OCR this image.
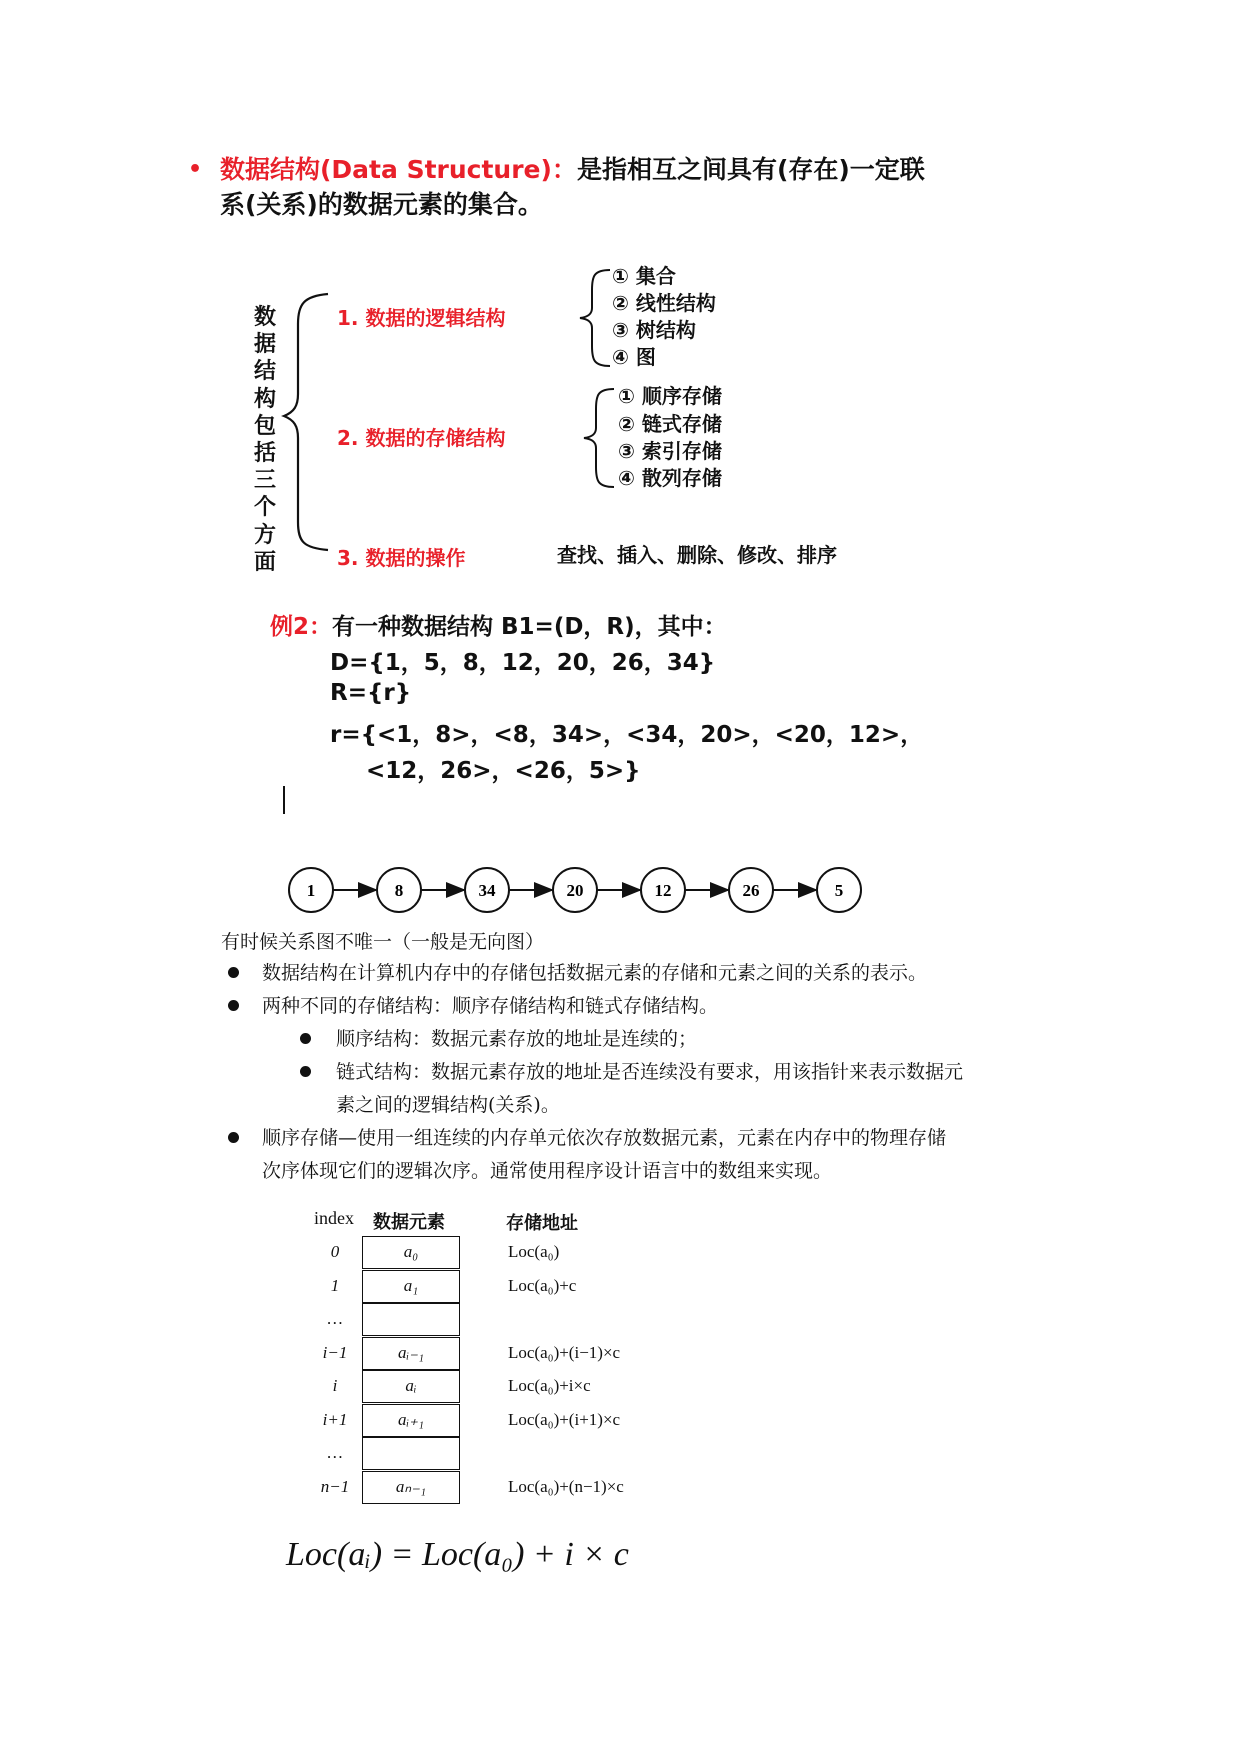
• 数据结构(Data Structure)：是指相互之间具有(存在)一定联系(关系)的数据元素的集合。
数据结构包括三个方面
1. 数据的逻辑结构
2. 数据的存储结构
3. 数据的操作
① 集合
② 线性结构
③ 树结构
④ 图
① 顺序存储
② 链式存储
③ 索引存储
④ 散列存储
查找、插入、删除、修改、排序
例2：有一种数据结构 B1=(D，R)，其中：
D={1，5，8，12，20，26，34}
R={r}
r={<1，8>，<8，34>，<34，20>，<20，12>，
<12，26>，<26，5>}
1	8	34	20	12	26	5
有时候关系图不唯一（一般是无向图）
数据结构在计算机内存中的存储包括数据元素的存储和元素之间的关系的表示。
两种不同的存储结构：顺序存储结构和链式存储结构。
顺序结构：数据元素存放的地址是连续的；
链式结构：数据元素存放的地址是否连续没有要求，用该指针来表示数据元
素之间的逻辑结构(关系)。
顺序存储—使用一组连续的内存单元依次存放数据元素，元素在内存中的物理存储
次序体现它们的逻辑次序。通常使用程序设计语言中的数组来实现。
index 数据元素	存储地址
0	a₀	Loc(a₀)
1	a₁	Loc(a₀)+c
…
i−1	aᵢ₋₁	Loc(a₀)+(i−1)×c
i	aᵢ	Loc(a₀)+i×c
i+1	aᵢ₊₁	Loc(a₀)+(i+1)×c
…
n−1	aₙ₋₁	Loc(a₀)+(n−1)×c
Loc(aᵢ) = Loc(a₀) + i × c
